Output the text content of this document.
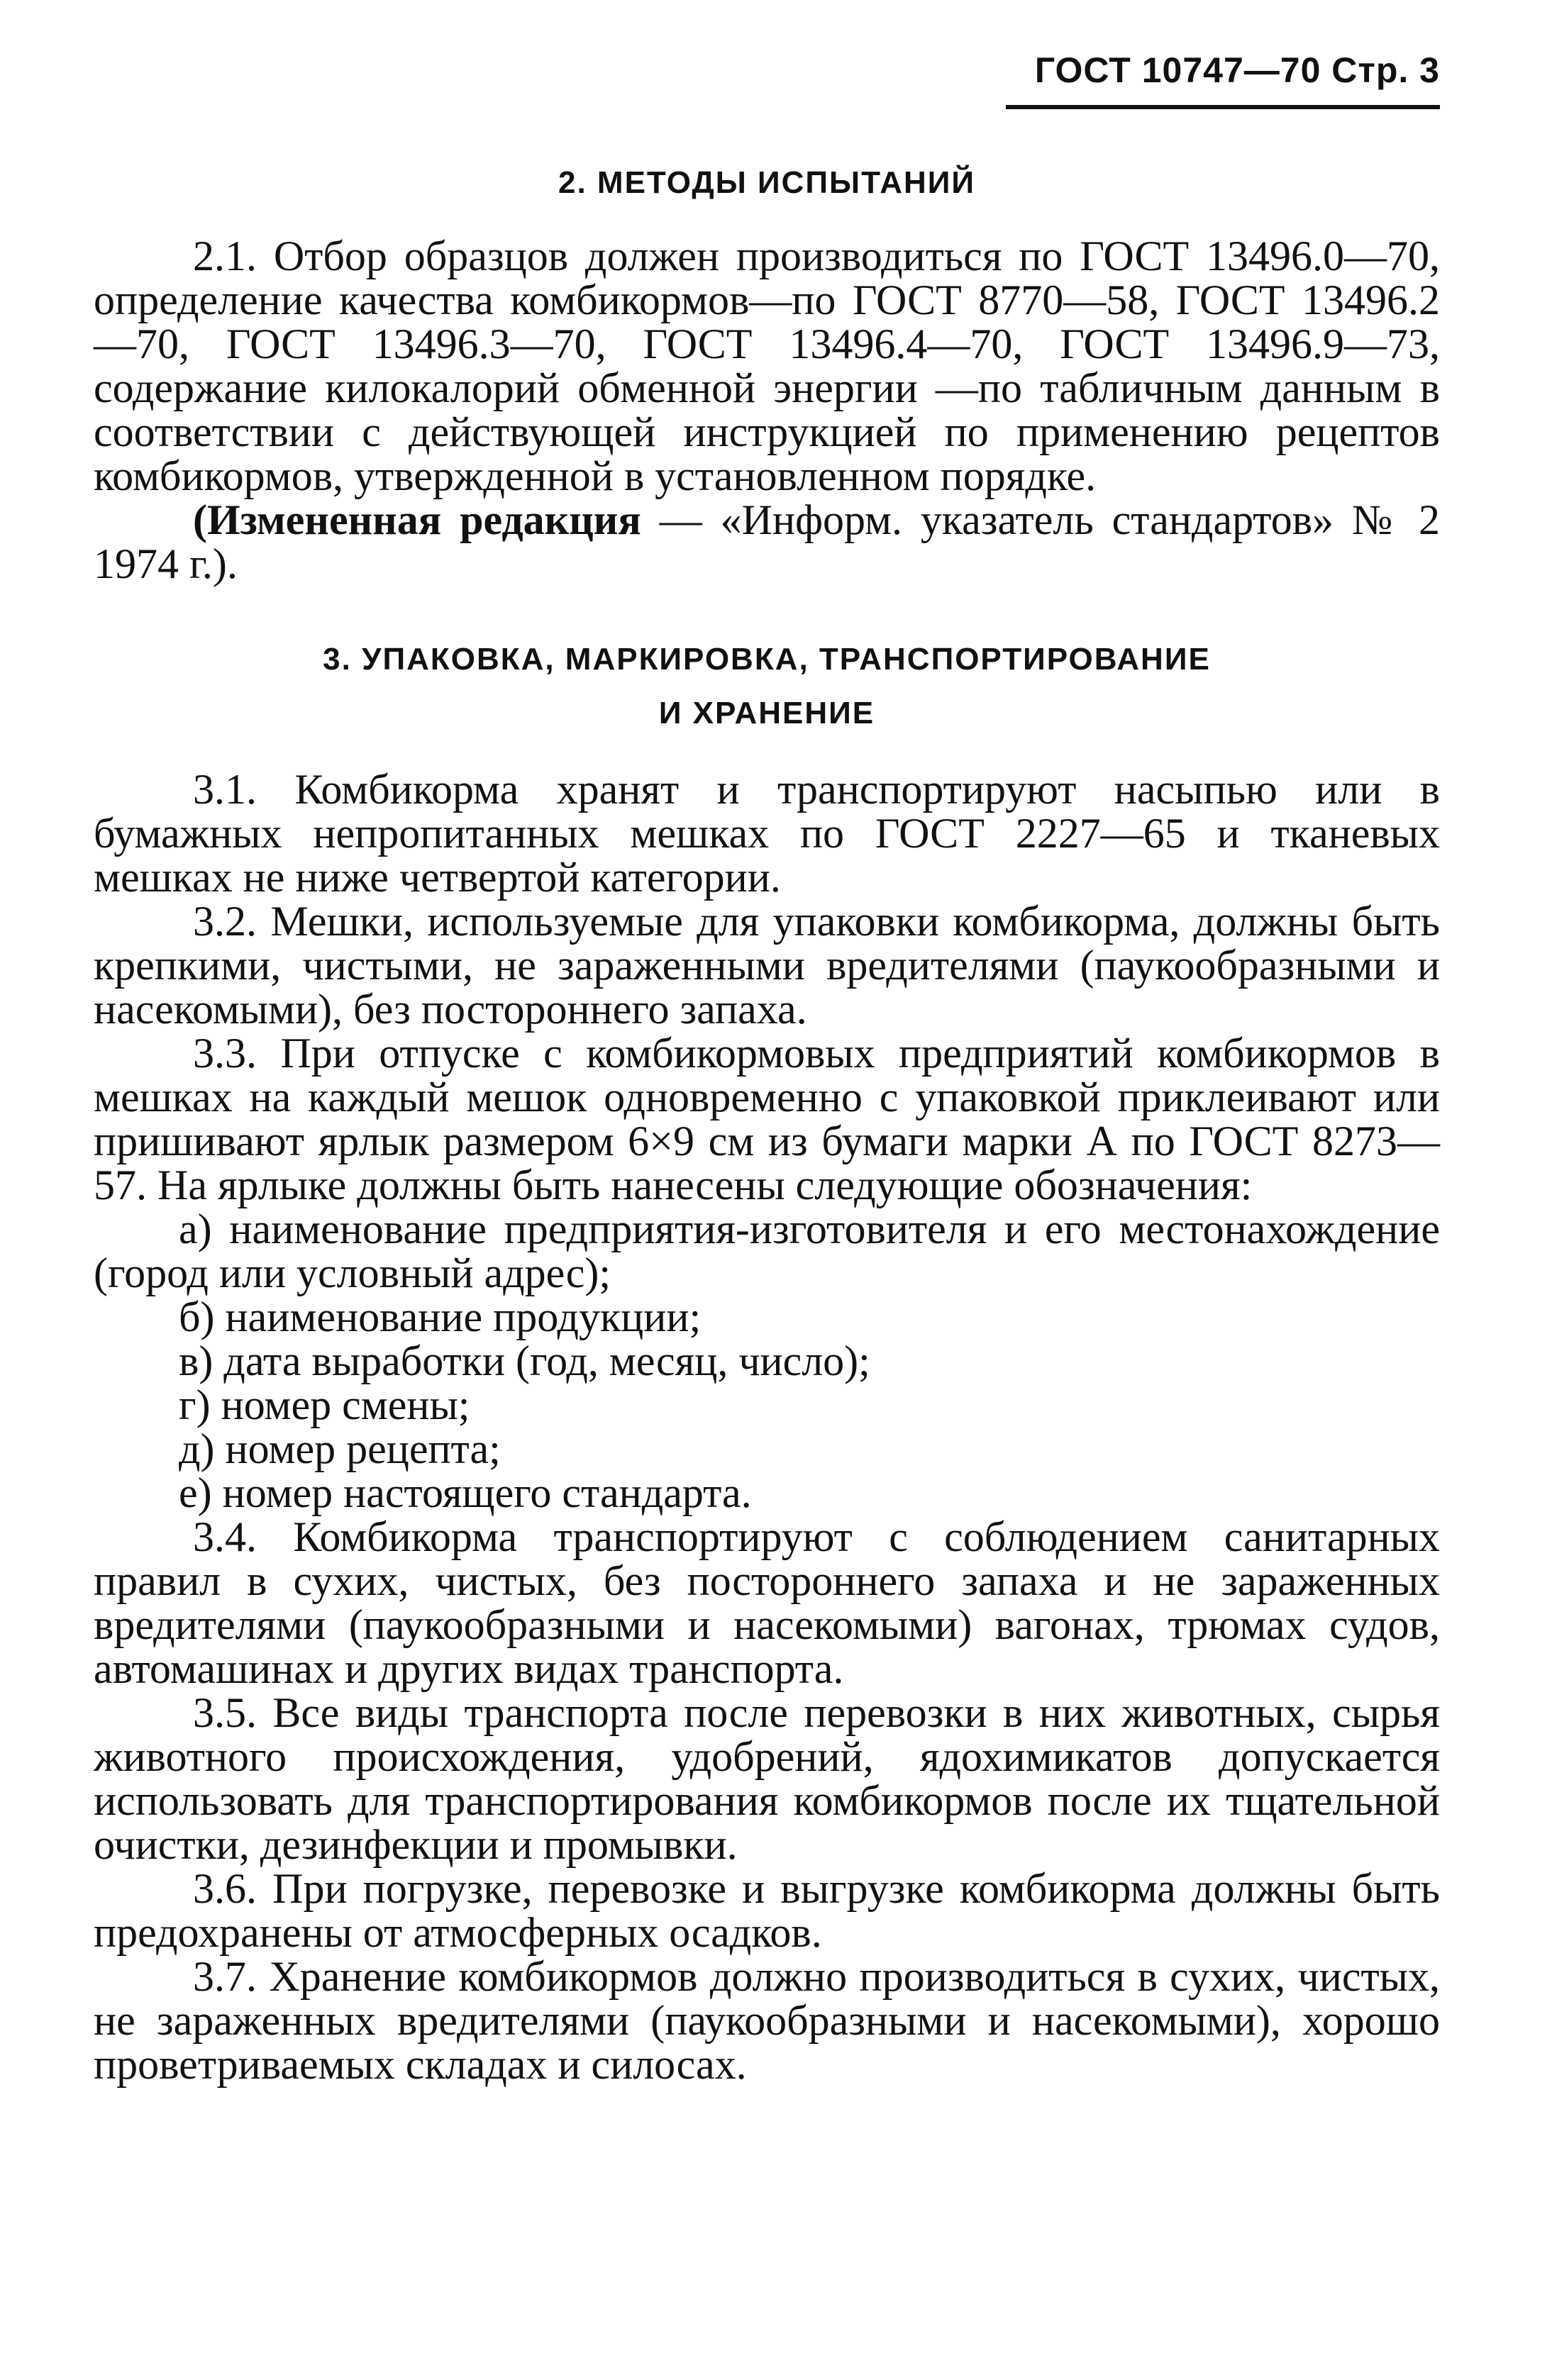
ГОСТ 10747—70 Стр. 3
2. МЕТОДЫ ИСПЫТАНИЙ

2.1. Отбор образцов должен производиться по ГОСТ 13496.0—70, определение качества комбикормов—по ГОСТ 8770—58, ГОСТ 13496.2—70, ГОСТ 13496.3—70, ГОСТ 13496.4—70, ГОСТ 13496.9—73, содержание килокалорий обменной энергии —по табличным данным в соответствии с действующей инструкцией по применению рецептов комбикормов, утвержденной в установленном порядке.

(Измененная редакция — «Информ. указатель стандартов» № 2 1974 г.).

3. УПАКОВКА, МАРКИРОВКА, ТРАНСПОРТИРОВАНИЕ
И ХРАНЕНИЕ

3.1. Комбикорма хранят и транспортируют насыпью или в бумажных непропитанных мешках по ГОСТ 2227—65 и тканевых мешках не ниже четвертой категории.

3.2. Мешки, используемые для упаковки комбикорма, должны быть крепкими, чистыми, не зараженными вредителями (паукообразными и насекомыми), без постороннего запаха.

3.3. При отпуске с комбикормовых предприятий комбикормов в мешках на каждый мешок одновременно с упаковкой приклеивают или пришивают ярлык размером 6×9 см из бумаги марки А по ГОСТ 8273—57. На ярлыке должны быть нанесены следующие обозначения:

а) наименование предприятия-изготовителя и его местонахождение (город или условный адрес);

б) наименование продукции;

в) дата выработки (год, месяц, число);

г) номер смены;

д) номер рецепта;

е) номер настоящего стандарта.

3.4. Комбикорма транспортируют с соблюдением санитарных правил в сухих, чистых, без постороннего запаха и не зараженных вредителями (паукообразными и насекомыми) вагонах, трюмах судов, автомашинах и других видах транспорта.

3.5. Все виды транспорта после перевозки в них животных, сырья животного происхождения, удобрений, ядохимикатов допускается использовать для транспортирования комбикормов после их тщательной очистки, дезинфекции и промывки.

3.6. При погрузке, перевозке и выгрузке комбикорма должны быть предохранены от атмосферных осадков.

3.7. Хранение комбикормов должно производиться в сухих, чистых, не зараженных вредителями (паукообразными и насекомыми), хорошо проветриваемых складах и силосах.
